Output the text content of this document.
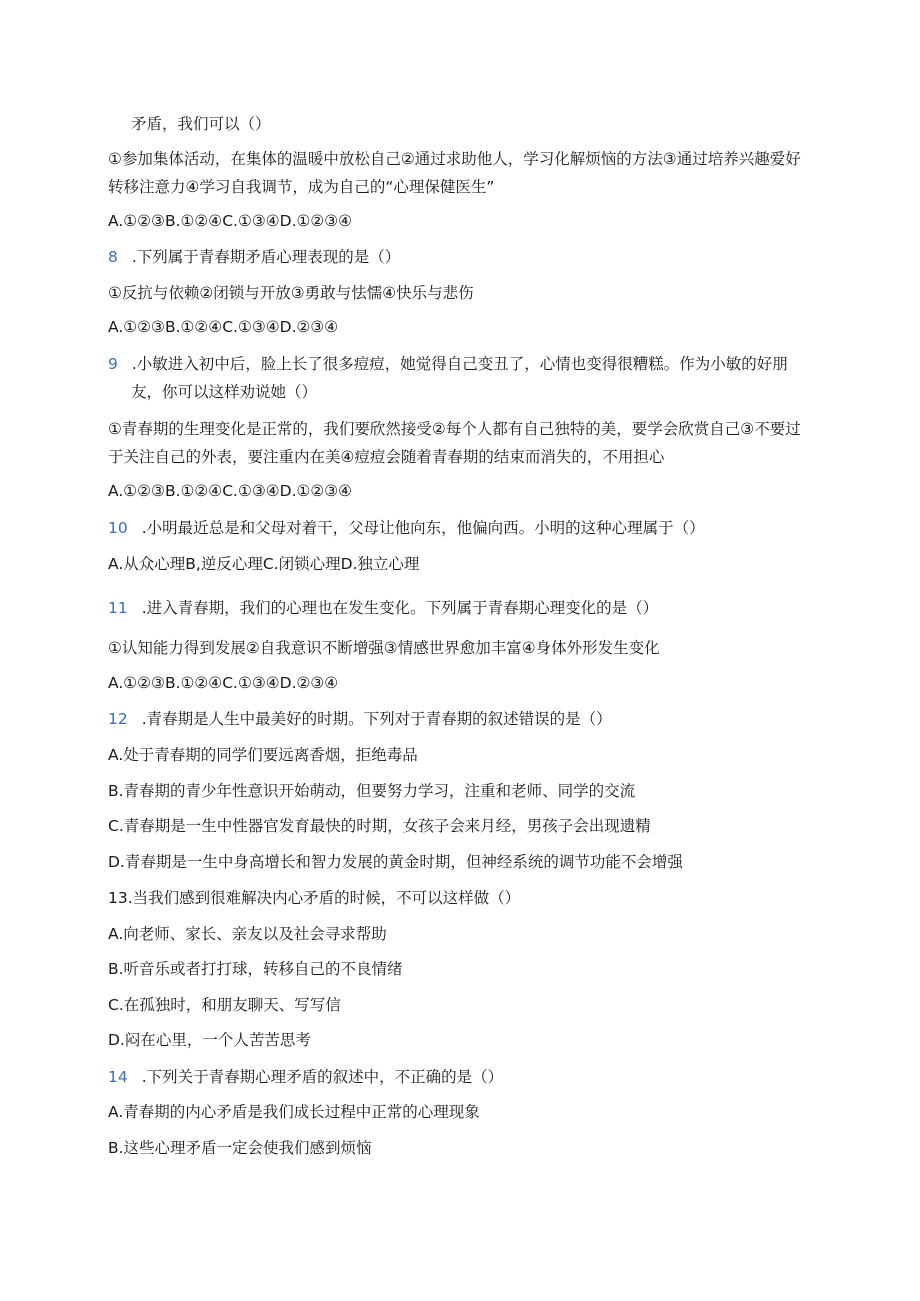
矛盾，我们可以（）
①参加集体活动，在集体的温暖中放松自己②通过求助他人，学习化解烦恼的方法③通过培养兴趣爱好
转移注意力④学习自我调节，成为自己的“心理保健医生”
A.①②③B.①②④C.①③④D.①②③④
8 .下列属于青春期矛盾心理表现的是（）
①反抗与依赖②闭锁与开放③勇敢与怯懦④快乐与悲伤
A.①②③B.①②④C.①③④D.②③④
9 .小敏进入初中后，脸上长了很多痘痘，她觉得自己变丑了，心情也变得很糟糕。作为小敏的好朋
友，你可以这样劝说她（）
①青春期的生理变化是正常的，我们要欣然接受②每个人都有自己独特的美，要学会欣赏自己③不要过
于关注自己的外表，要注重内在美④痘痘会随着青春期的结束而消失的，不用担心
A.①②③B.①②④C.①③④D.①②③④
10 .小明最近总是和父母对着干，父母让他向东，他偏向西。小明的这种心理属于（）
A.从众心理B,逆反心理C.闭锁心理D.独立心理
11 .进入青春期，我们的心理也在发生变化。下列属于青春期心理变化的是（）
①认知能力得到发展②自我意识不断增强③情感世界愈加丰富④身体外形发生变化
A.①②③B.①②④C.①③④D.②③④
12 .青春期是人生中最美好的时期。下列对于青春期的叙述错误的是（）
A.处于青春期的同学们要远离香烟，拒绝毒品
B.青春期的青少年性意识开始萌动，但要努力学习，注重和老师、同学的交流
C.青春期是一生中性器官发育最快的时期，女孩子会来月经，男孩子会出现遗精
D.青春期是一生中身高增长和智力发展的黄金时期，但神经系统的调节功能不会增强
13.当我们感到很难解决内心矛盾的时候，不可以这样做（）
A.向老师、家长、亲友以及社会寻求帮助
B.听音乐或者打打球，转移自己的不良情绪
C.在孤独时，和朋友聊天、写写信
D.闷在心里，一个人苦苦思考
14 .下列关于青春期心理矛盾的叙述中，不正确的是（）
A.青春期的内心矛盾是我们成长过程中正常的心理现象
B.这些心理矛盾一定会使我们感到烦恼
